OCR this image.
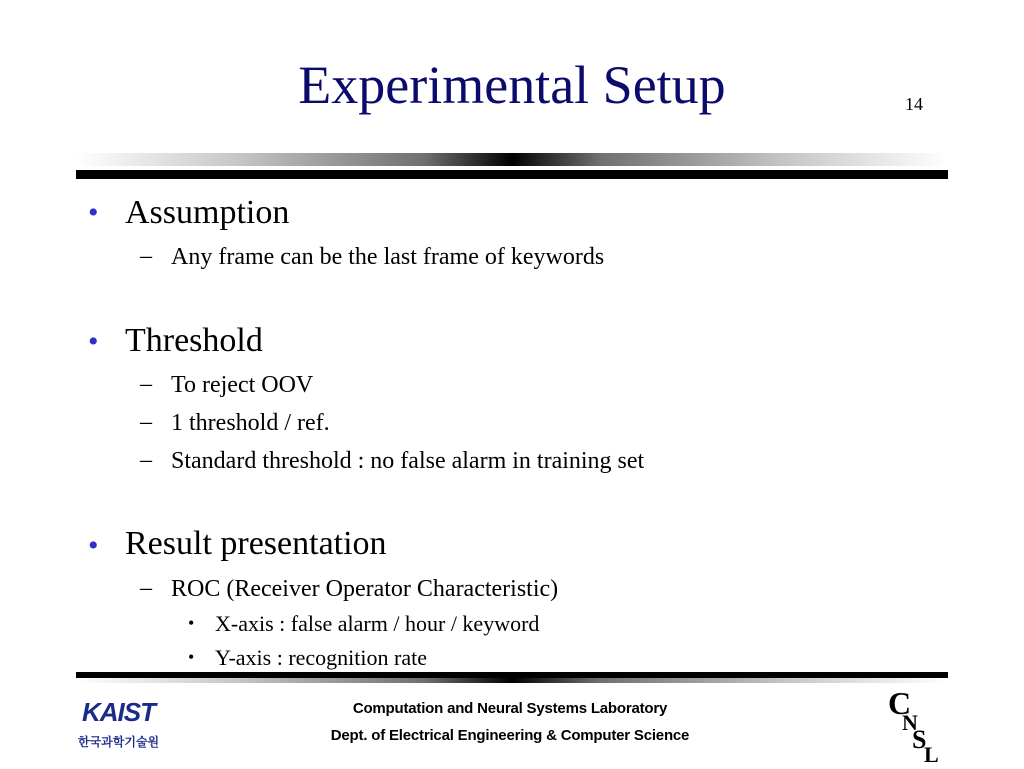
Experimental Setup	14
• Assumption
– Any frame can be the last frame of keywords
• Threshold
– To reject OOV
– 1 threshold / ref.
– Standard threshold : no false alarm in training set
• Result presentation
– ROC (Receiver Operator Characteristic)
• X-axis : false alarm / hour / keyword
• Y-axis : recognition rate
KAIST
한국과학기술원
Computation and Neural Systems Laboratory
Dept. of Electrical Engineering & Computer Science
C
N
S
L
